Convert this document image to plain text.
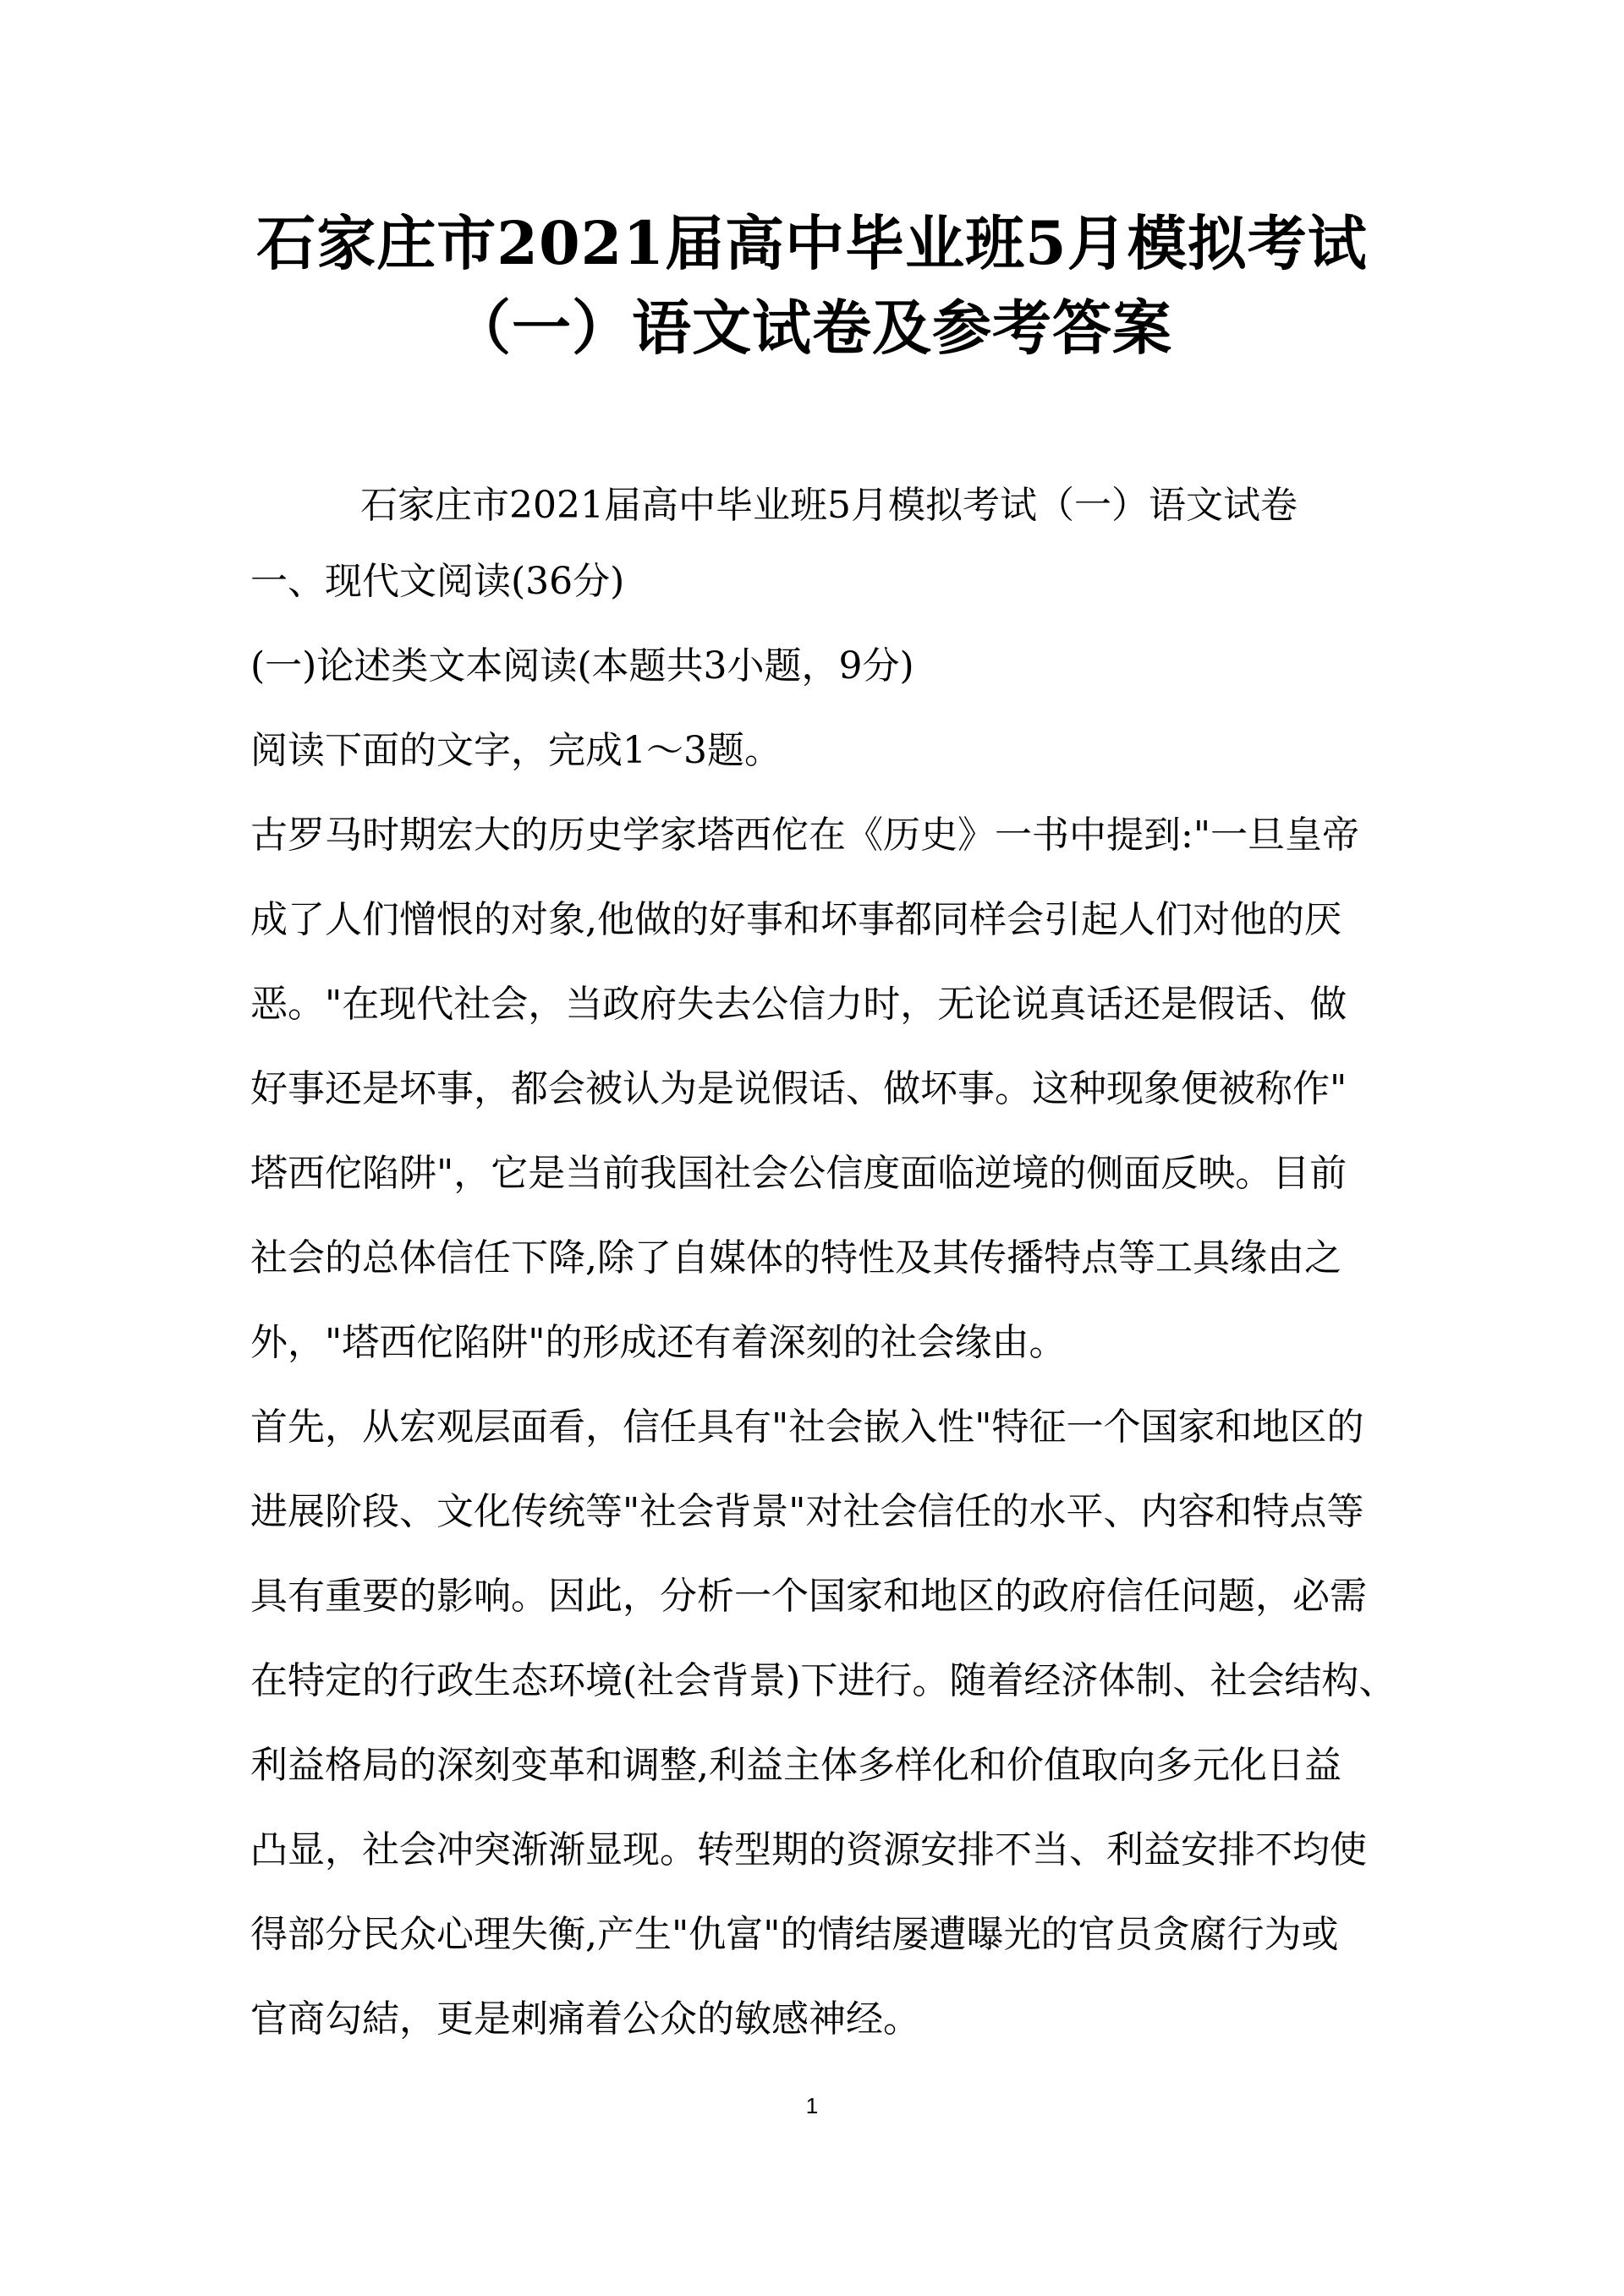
石家庄市2021届高中毕业班5月模拟考试
（一）语文试卷及参考答案
石家庄市2021届高中毕业班5月模拟考试（一）语文试卷
一、现代文阅读(36分)
(一)论述类文本阅读(本题共3小题，9分)
阅读下面的文字，完成1～3题。
古罗马时期宏大的历史学家塔西佗在《历史》一书中提到:"一旦皇帝
成了人们憎恨的对象,他做的好事和坏事都同样会引起人们对他的厌
恶。"在现代社会，当政府失去公信力时，无论说真话还是假话、做
好事还是坏事，都会被认为是说假话、做坏事。这种现象便被称作"
塔西佗陷阱"，它是当前我国社会公信度面临逆境的侧面反映。目前
社会的总体信任下降,除了自媒体的特性及其传播特点等工具缘由之
外，"塔西佗陷阱"的形成还有着深刻的社会缘由。
首先，从宏观层面看，信任具有"社会嵌入性"特征一个国家和地区的
进展阶段、文化传统等"社会背景"对社会信任的水平、内容和特点等
具有重要的影响。因此，分析一个国家和地区的政府信任问题，必需
在特定的行政生态环境(社会背景)下进行。随着经济体制、社会结构、
利益格局的深刻变革和调整,利益主体多样化和价值取向多元化日益
凸显，社会冲突渐渐显现。转型期的资源安排不当、利益安排不均使
得部分民众心理失衡,产生"仇富"的情结屡遭曝光的官员贪腐行为或
官商勾結，更是刺痛着公众的敏感神经。
1
